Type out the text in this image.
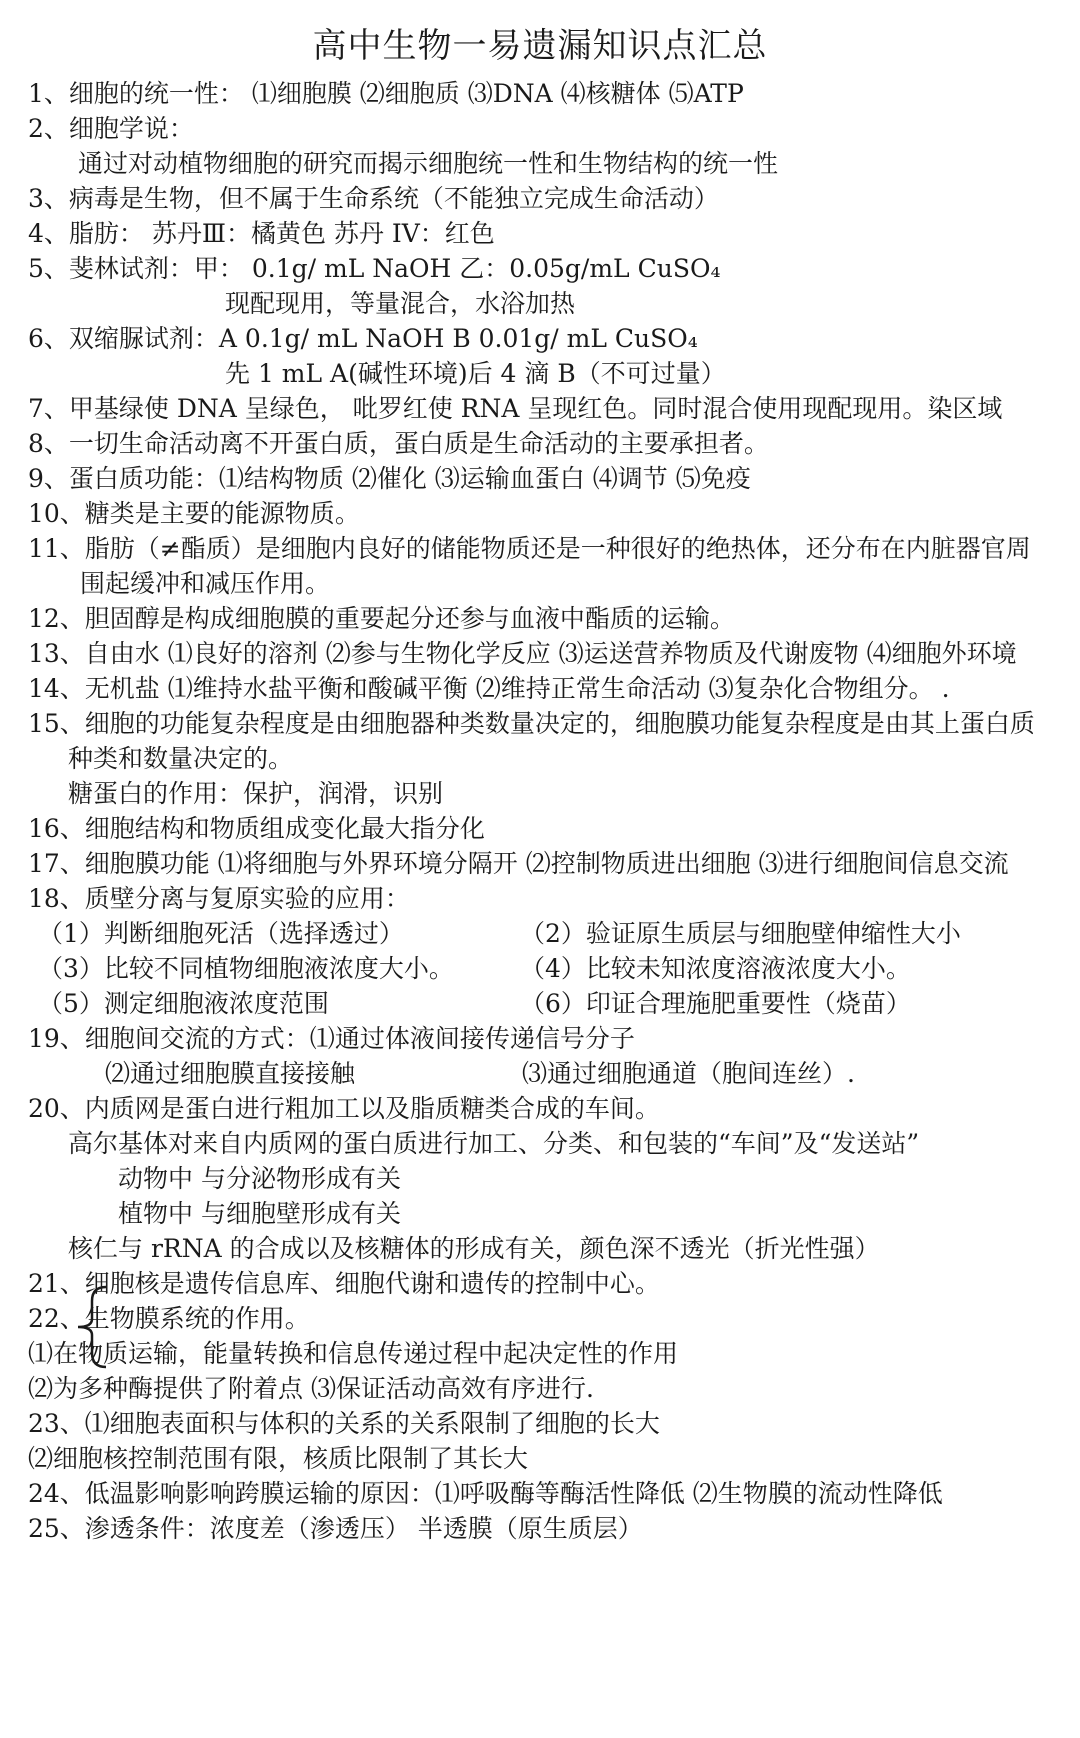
高中生物一易遗漏知识点汇总
1、细胞的统一性： ⑴细胞膜 ⑵细胞质 ⑶DNA ⑷核糖体 ⑸ATP
2、细胞学说：
通过对动植物细胞的研究而揭示细胞统一性和生物结构的统一性
3、病毒是生物，但不属于生命系统（不能独立完成生命活动）
4、脂肪： 苏丹Ⅲ：橘黄色 苏丹 IV：红色
5、斐林试剂：甲： 0.1g/ mL NaOH 乙：0.05g/mL CuSO₄
现配现用，等量混合，水浴加热
6、双缩脲试剂：A 0.1g/ mL NaOH B 0.01g/ mL CuSO₄
先 1 mL A(碱性环境)后 4 滴 B（不可过量）
7、甲基绿使 DNA 呈绿色， 吡罗红使 RNA 呈现红色。同时混合使用现配现用。染区域
8、一切生命活动离不开蛋白质，蛋白质是生命活动的主要承担者。
9、蛋白质功能：⑴结构物质 ⑵催化 ⑶运输血蛋白 ⑷调节 ⑸免疫
10、糖类是主要的能源物质。
11、脂肪（≠酯质）是细胞内良好的储能物质还是一种很好的绝热体，还分布在内脏器官周
围起缓冲和减压作用。
12、胆固醇是构成细胞膜的重要起分还参与血液中酯质的运输。
13、自由水 ⑴良好的溶剂 ⑵参与生物化学反应 ⑶运送营养物质及代谢废物 ⑷细胞外环境
14、无机盐 ⑴维持水盐平衡和酸碱平衡 ⑵维持正常生命活动 ⑶复杂化合物组分。 .
15、细胞的功能复杂程度是由细胞器种类数量决定的，细胞膜功能复杂程度是由其上蛋白质
种类和数量决定的。
糖蛋白的作用：保护，润滑，识别
16、细胞结构和物质组成变化最大指分化
17、细胞膜功能 ⑴将细胞与外界环境分隔开 ⑵控制物质进出细胞 ⑶进行细胞间信息交流
18、质壁分离与复原实验的应用：
（1）判断细胞死活（选择透过）	（2）验证原生质层与细胞壁伸缩性大小
（3）比较不同植物细胞液浓度大小。	（4）比较未知浓度溶液浓度大小。
（5）测定细胞液浓度范围	（6）印证合理施肥重要性（烧苗）
19、细胞间交流的方式：⑴通过体液间接传递信号分子
⑵通过细胞膜直接接触	⑶通过细胞通道（胞间连丝）.
20、内质网是蛋白进行粗加工以及脂质糖类合成的车间。
高尔基体对来自内质网的蛋白质进行加工、分类、和包装的“车间”及“发送站”
动物中 与分泌物形成有关
植物中 与细胞壁形成有关
核仁与 rRNA 的合成以及核糖体的形成有关，颜色深不透光（折光性强）
21、细胞核是遗传信息库、细胞代谢和遗传的控制中心。
22、生物膜系统的作用。
⑴在物质运输，能量转换和信息传递过程中起决定性的作用
⑵为多种酶提供了附着点 ⑶保证活动高效有序进行.
23、⑴细胞表面积与体积的关系的关系限制了细胞的长大
⑵细胞核控制范围有限，核质比限制了其长大
24、低温影响影响跨膜运输的原因：⑴呼吸酶等酶活性降低 ⑵生物膜的流动性降低
25、渗透条件：浓度差（渗透压） 半透膜（原生质层）
